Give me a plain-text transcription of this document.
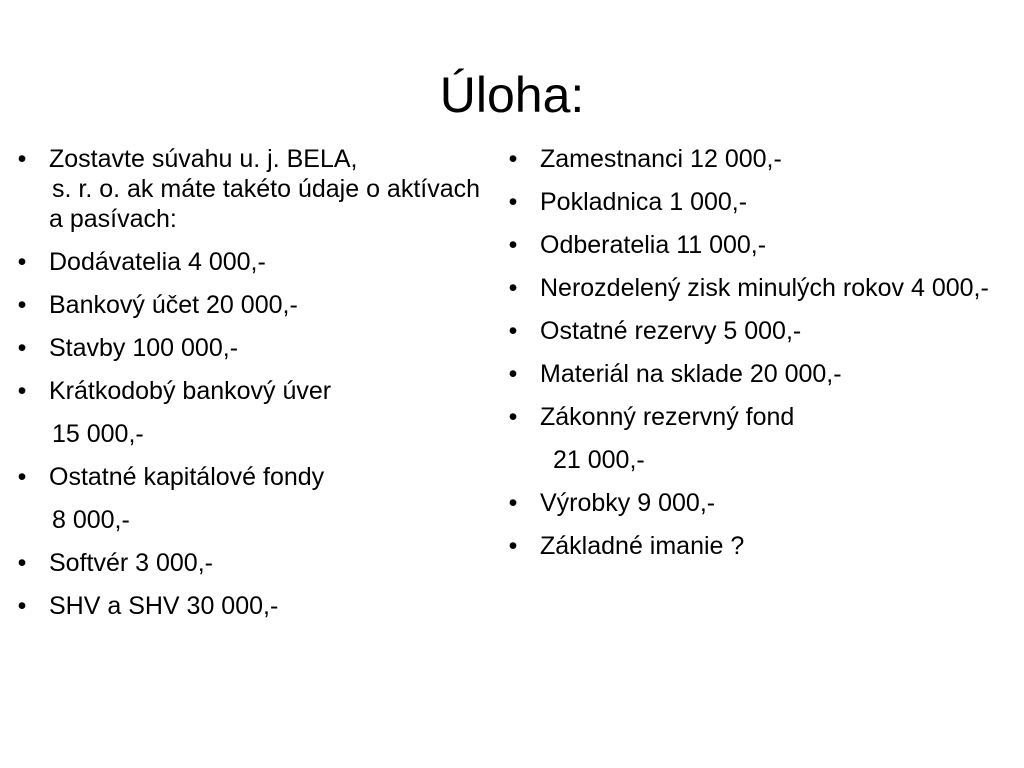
Úloha:
• Zostavte súvahu u. j. BELA,
s. r. o. ak máte takéto údaje o aktívach a pasívach:
• Dodávatelia 4 000,-
• Bankový účet 20 000,-
• Stavby 100 000,-
• Krátkodobý bankový úver
15 000,-
• Ostatné kapitálové fondy
8 000,-
• Softvér 3 000,-
• SHV a SHV 30 000,-
• Zamestnanci 12 000,-
• Pokladnica 1 000,-
• Odberatelia 11 000,-
• Nerozdelený zisk minulých rokov 4 000,-
• Ostatné rezervy 5 000,-
• Materiál na sklade 20 000,-
• Zákonný rezervný fond
21 000,-
• Výrobky 9 000,-
• Základné imanie ?
